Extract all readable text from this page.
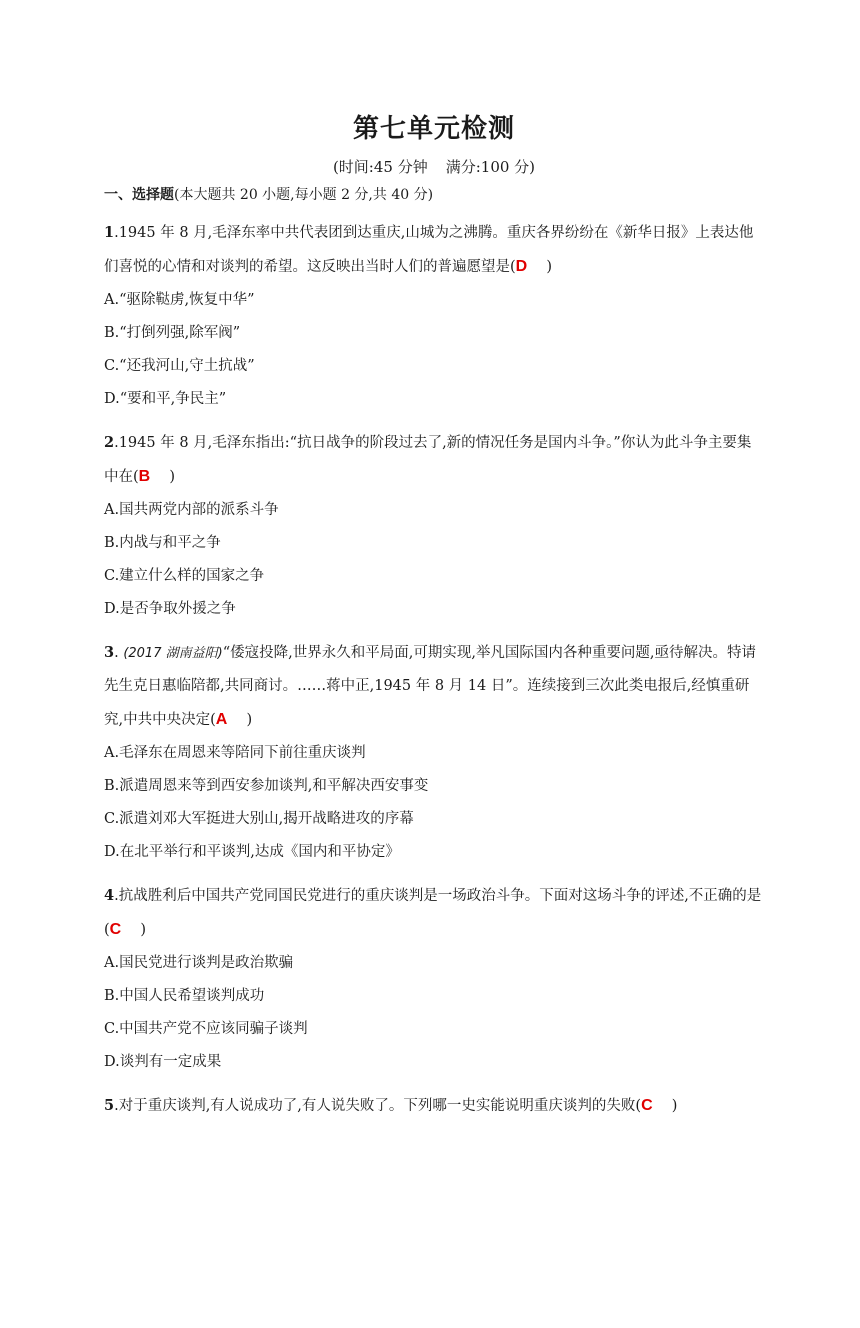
第七单元检测
(时间:45 分钟 满分:100 分)
一、选择题(本大题共 20 小题,每小题 2 分,共 40 分)
1.1945 年 8 月,毛泽东率中共代表团到达重庆,山城为之沸腾。重庆各界纷纷在《新华日报》上表达他们喜悦的心情和对谈判的希望。这反映出当时人们的普遍愿望是(D  )
A.“驱除鞑虏,恢复中华”
B.“打倒列强,除军阀”
C.“还我河山,守土抗战”
D.“要和平,争民主”
2.1945 年 8 月,毛泽东指出:“抗日战争的阶段过去了,新的情况任务是国内斗争。”你认为此斗争主要集中在(B  )
A.国共两党内部的派系斗争
B.内战与和平之争
C.建立什么样的国家之争
D.是否争取外援之争
3. (2017 湖南益阳)“倭寇投降,世界永久和平局面,可期实现,举凡国际国内各种重要问题,亟待解决。特请先生克日惠临陪都,共同商讨。……蒋中正,1945 年 8 月 14 日”。连续接到三次此类电报后,经慎重研究,中共中央决定(A  )
A.毛泽东在周恩来等陪同下前往重庆谈判
B.派遣周恩来等到西安参加谈判,和平解决西安事变
C.派遣刘邓大军挺进大别山,揭开战略进攻的序幕
D.在北平举行和平谈判,达成《国内和平协定》
4.抗战胜利后中国共产党同国民党进行的重庆谈判是一场政治斗争。下面对这场斗争的评述,不正确的是(C  )
A.国民党进行谈判是政治欺骗
B.中国人民希望谈判成功
C.中国共产党不应该同骗子谈判
D.谈判有一定成果
5.对于重庆谈判,有人说成功了,有人说失败了。下列哪一史实能说明重庆谈判的失败(C  )
